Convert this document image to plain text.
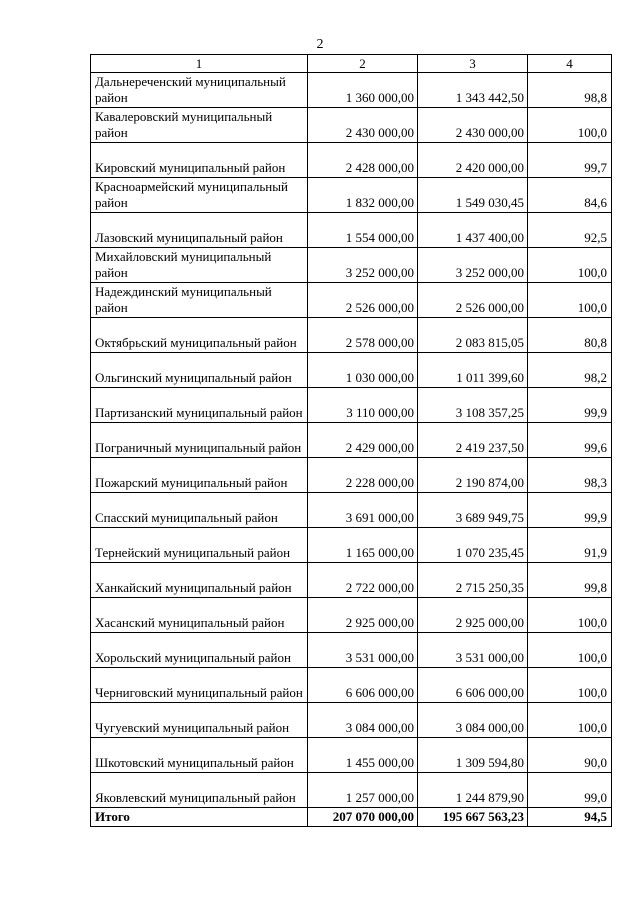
2
1	2	3	4
Дальнереченский муниципальный район	1 360 000,00	1 343 442,50	98,8
Кавалеровский муниципальный район	2 430 000,00	2 430 000,00	100,0
Кировский муниципальный район	2 428 000,00	2 420 000,00	99,7
Красноармейский муниципальный район	1 832 000,00	1 549 030,45	84,6
Лазовский муниципальный район	1 554 000,00	1 437 400,00	92,5
Михайловский муниципальный район	3 252 000,00	3 252 000,00	100,0
Надеждинский муниципальный район	2 526 000,00	2 526 000,00	100,0
Октябрьский муниципальный район	2 578 000,00	2 083 815,05	80,8
Ольгинский муниципальный район	1 030 000,00	1 011 399,60	98,2
Партизанский муниципальный район	3 110 000,00	3 108 357,25	99,9
Пограничный муниципальный район	2 429 000,00	2 419 237,50	99,6
Пожарский муниципальный район	2 228 000,00	2 190 874,00	98,3
Спасский муниципальный район	3 691 000,00	3 689 949,75	99,9
Тернейский муниципальный район	1 165 000,00	1 070 235,45	91,9
Ханкайский муниципальный район	2 722 000,00	2 715 250,35	99,8
Хасанский муниципальный район	2 925 000,00	2 925 000,00	100,0
Хорольский муниципальный район	3 531 000,00	3 531 000,00	100,0
Черниговский муниципальный район	6 606 000,00	6 606 000,00	100,0
Чугуевский муниципальный район	3 084 000,00	3 084 000,00	100,0
Шкотовский муниципальный район	1 455 000,00	1 309 594,80	90,0
Яковлевский муниципальный район	1 257 000,00	1 244 879,90	99,0
Итого	207 070 000,00	195 667 563,23	94,5
